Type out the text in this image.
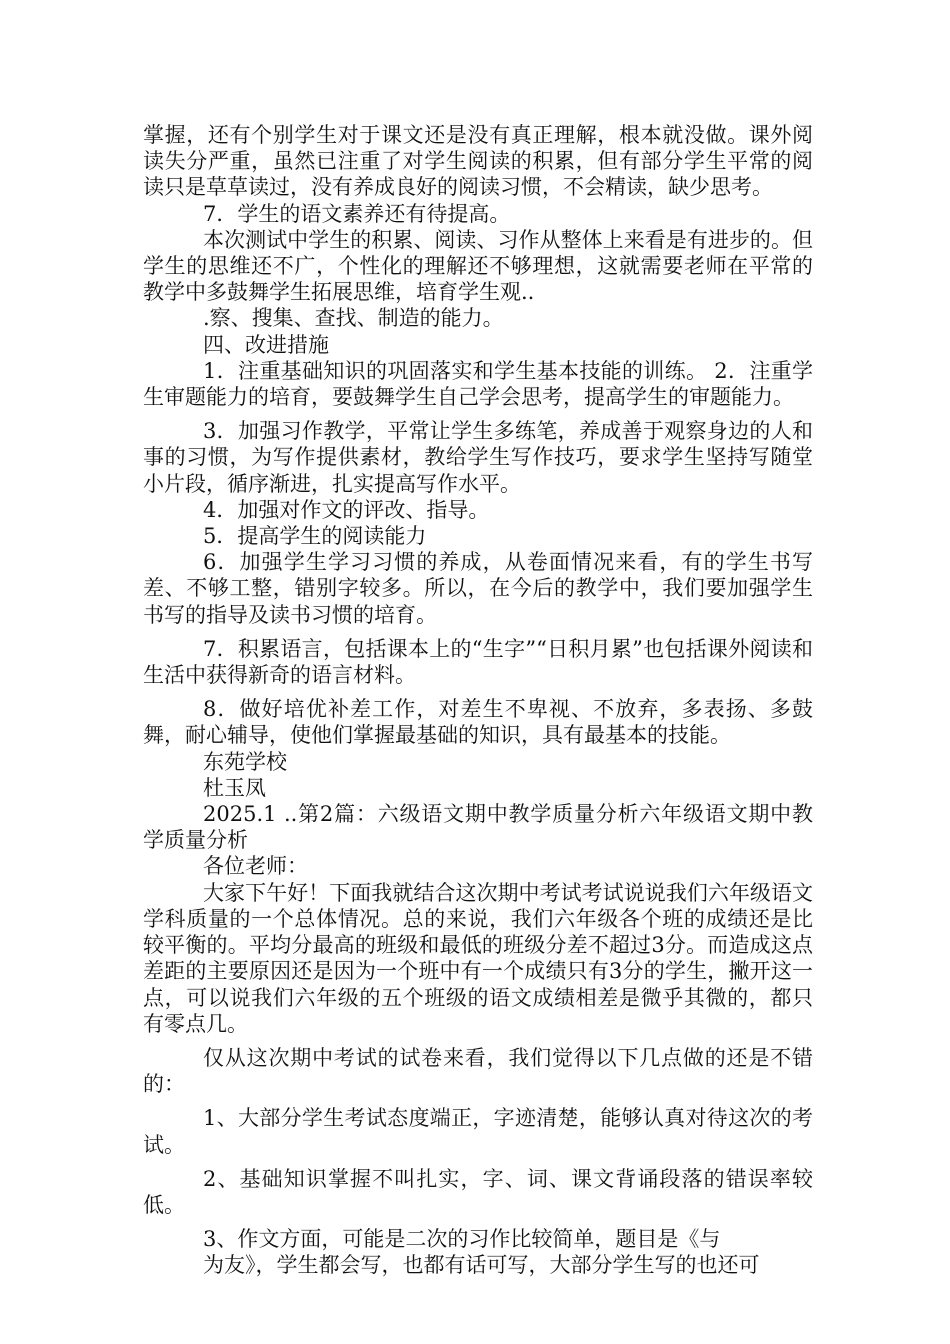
掌握，还有个别学生对于课文还是没有真正理解，根本就没做。课外阅读失分严重，虽然已注重了对学生阅读的积累，但有部分学生平常的阅读只是草草读过，没有养成良好的阅读习惯，不会精读，缺少思考。

7．学生的语文素养还有待提高。

本次测试中学生的积累、阅读、习作从整体上来看是有进步的。但学生的思维还不广，个性化的理解还不够理想，这就需要老师在平常的教学中多鼓舞学生拓展思维，培育学生观..

.察、搜集、查找、制造的能力。

四、改进措施

1．注重基础知识的巩固落实和学生基本技能的训练。 2．注重学生审题能力的培育，要鼓舞学生自己学会思考，提高学生的审题能力。

3．加强习作教学，平常让学生多练笔，养成善于观察身边的人和事的习惯，为写作提供素材，教给学生写作技巧，要求学生坚持写随堂小片段，循序渐进，扎实提高写作水平。

4．加强对作文的评改、指导。

5．提高学生的阅读能力

6．加强学生学习习惯的养成，从卷面情况来看，有的学生书写差、不够工整，错别字较多。所以，在今后的教学中，我们要加强学生书写的指导及读书习惯的培育。

7．积累语言，包括课本上的“生字”“日积月累”也包括课外阅读和生活中获得新奇的语言材料。

8．做好培优补差工作，对差生不卑视、不放弃，多表扬、多鼓舞，耐心辅导，使他们掌握最基础的知识，具有最基本的技能。

东苑学校

杜玉凤

2025.1 ..第2篇：六级语文期中教学质量分析六年级语文期中教学质量分析

各位老师：

大家下午好！下面我就结合这次期中考试考试说说我们六年级语文学科质量的一个总体情况。总的来说，我们六年级各个班的成绩还是比较平衡的。平均分最高的班级和最低的班级分差不超过3分。而造成这点差距的主要原因还是因为一个班中有一个成绩只有3分的学生，撇开这一点，可以说我们六年级的五个班级的语文成绩相差是微乎其微的，都只有零点几。

仅从这次期中考试的试卷来看，我们觉得以下几点做的还是不错的：

1、大部分学生考试态度端正，字迹清楚，能够认真对待这次的考试。

2、基础知识掌握不叫扎实，字、词、课文背诵段落的错误率较低。

3、作文方面，可能是二次的习作比较简单，题目是《与

为友》，学生都会写，也都有话可写，大部分学生写的也还可
